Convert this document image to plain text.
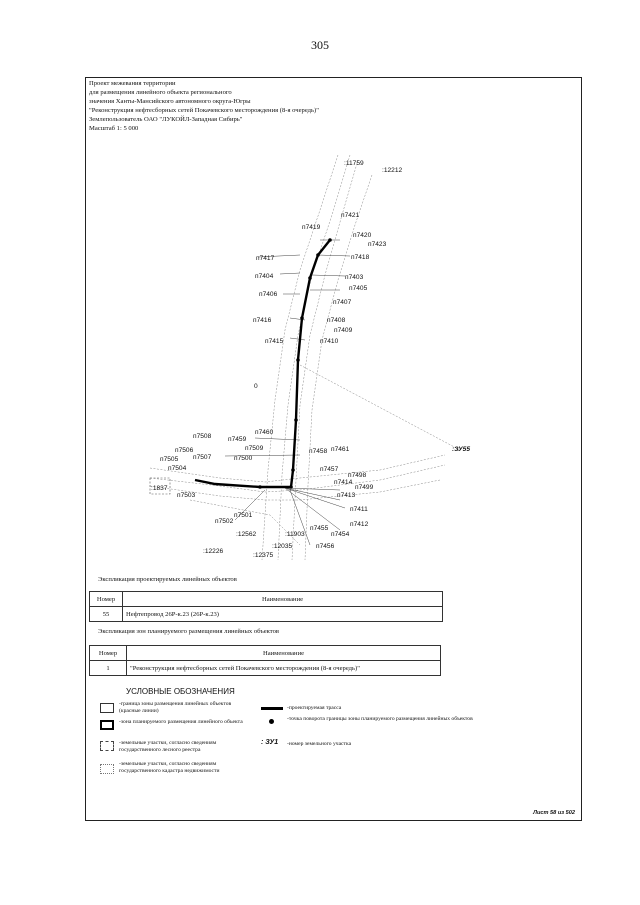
305
Проект межевания территории
для размещения линейного объекта регионального
значения Ханты-Мансийского автономного округа-Югры
"Реконструкция нефтесборных сетей Покачевского месторождения (8-я очередь)"
Землепользователь ОАО "ЛУКОЙЛ-Западная Сибирь"
Масштаб 1: 5 000
:11759
:12212
п7421
п7419
п7420
п7423
п7417	п7418
п7404	п7403
п7405
п7406
п7407
п7416	п7408
п7409
п7415	п7410
0
п7460
п7508	п7459
п7509
п7506
п7507	п7500
п7458 п7461	:ЗУ55
п7505
п7504	п7457
п7498
:1837
п7414
п7499
п7503	п7413
п7411
п7501
п7502	п7412
п7455
п7454
:12562	:11903
:12035	п7456
:12226
:12375
Экспликация проектируемых линейных объектов
Номер	Наименование
55	Нефтепровод 26Р-к.23 (26Р-к.23)
Экспликация зон планируемого размещения линейных объектов
Номер	Наименование
1	"Реконструкция нефтесборных сетей Покачевского месторождения (8-я очередь)"
УСЛОВНЫЕ ОБОЗНАЧЕНИЯ
-граница зоны размещения линейных объектов (красные линии)
-зона планируемого размещения линейного объекта
-земельные участки, согласно сведениям государственного лесного реестра
-земельные участки, согласно сведениям государственного кадастра недвижимости
-проектируемая трасса
-точка поворота границы зоны планируемого размещения линейных объектов
: ЗУ1 -номер земельного участка
Лист 58 из 502
